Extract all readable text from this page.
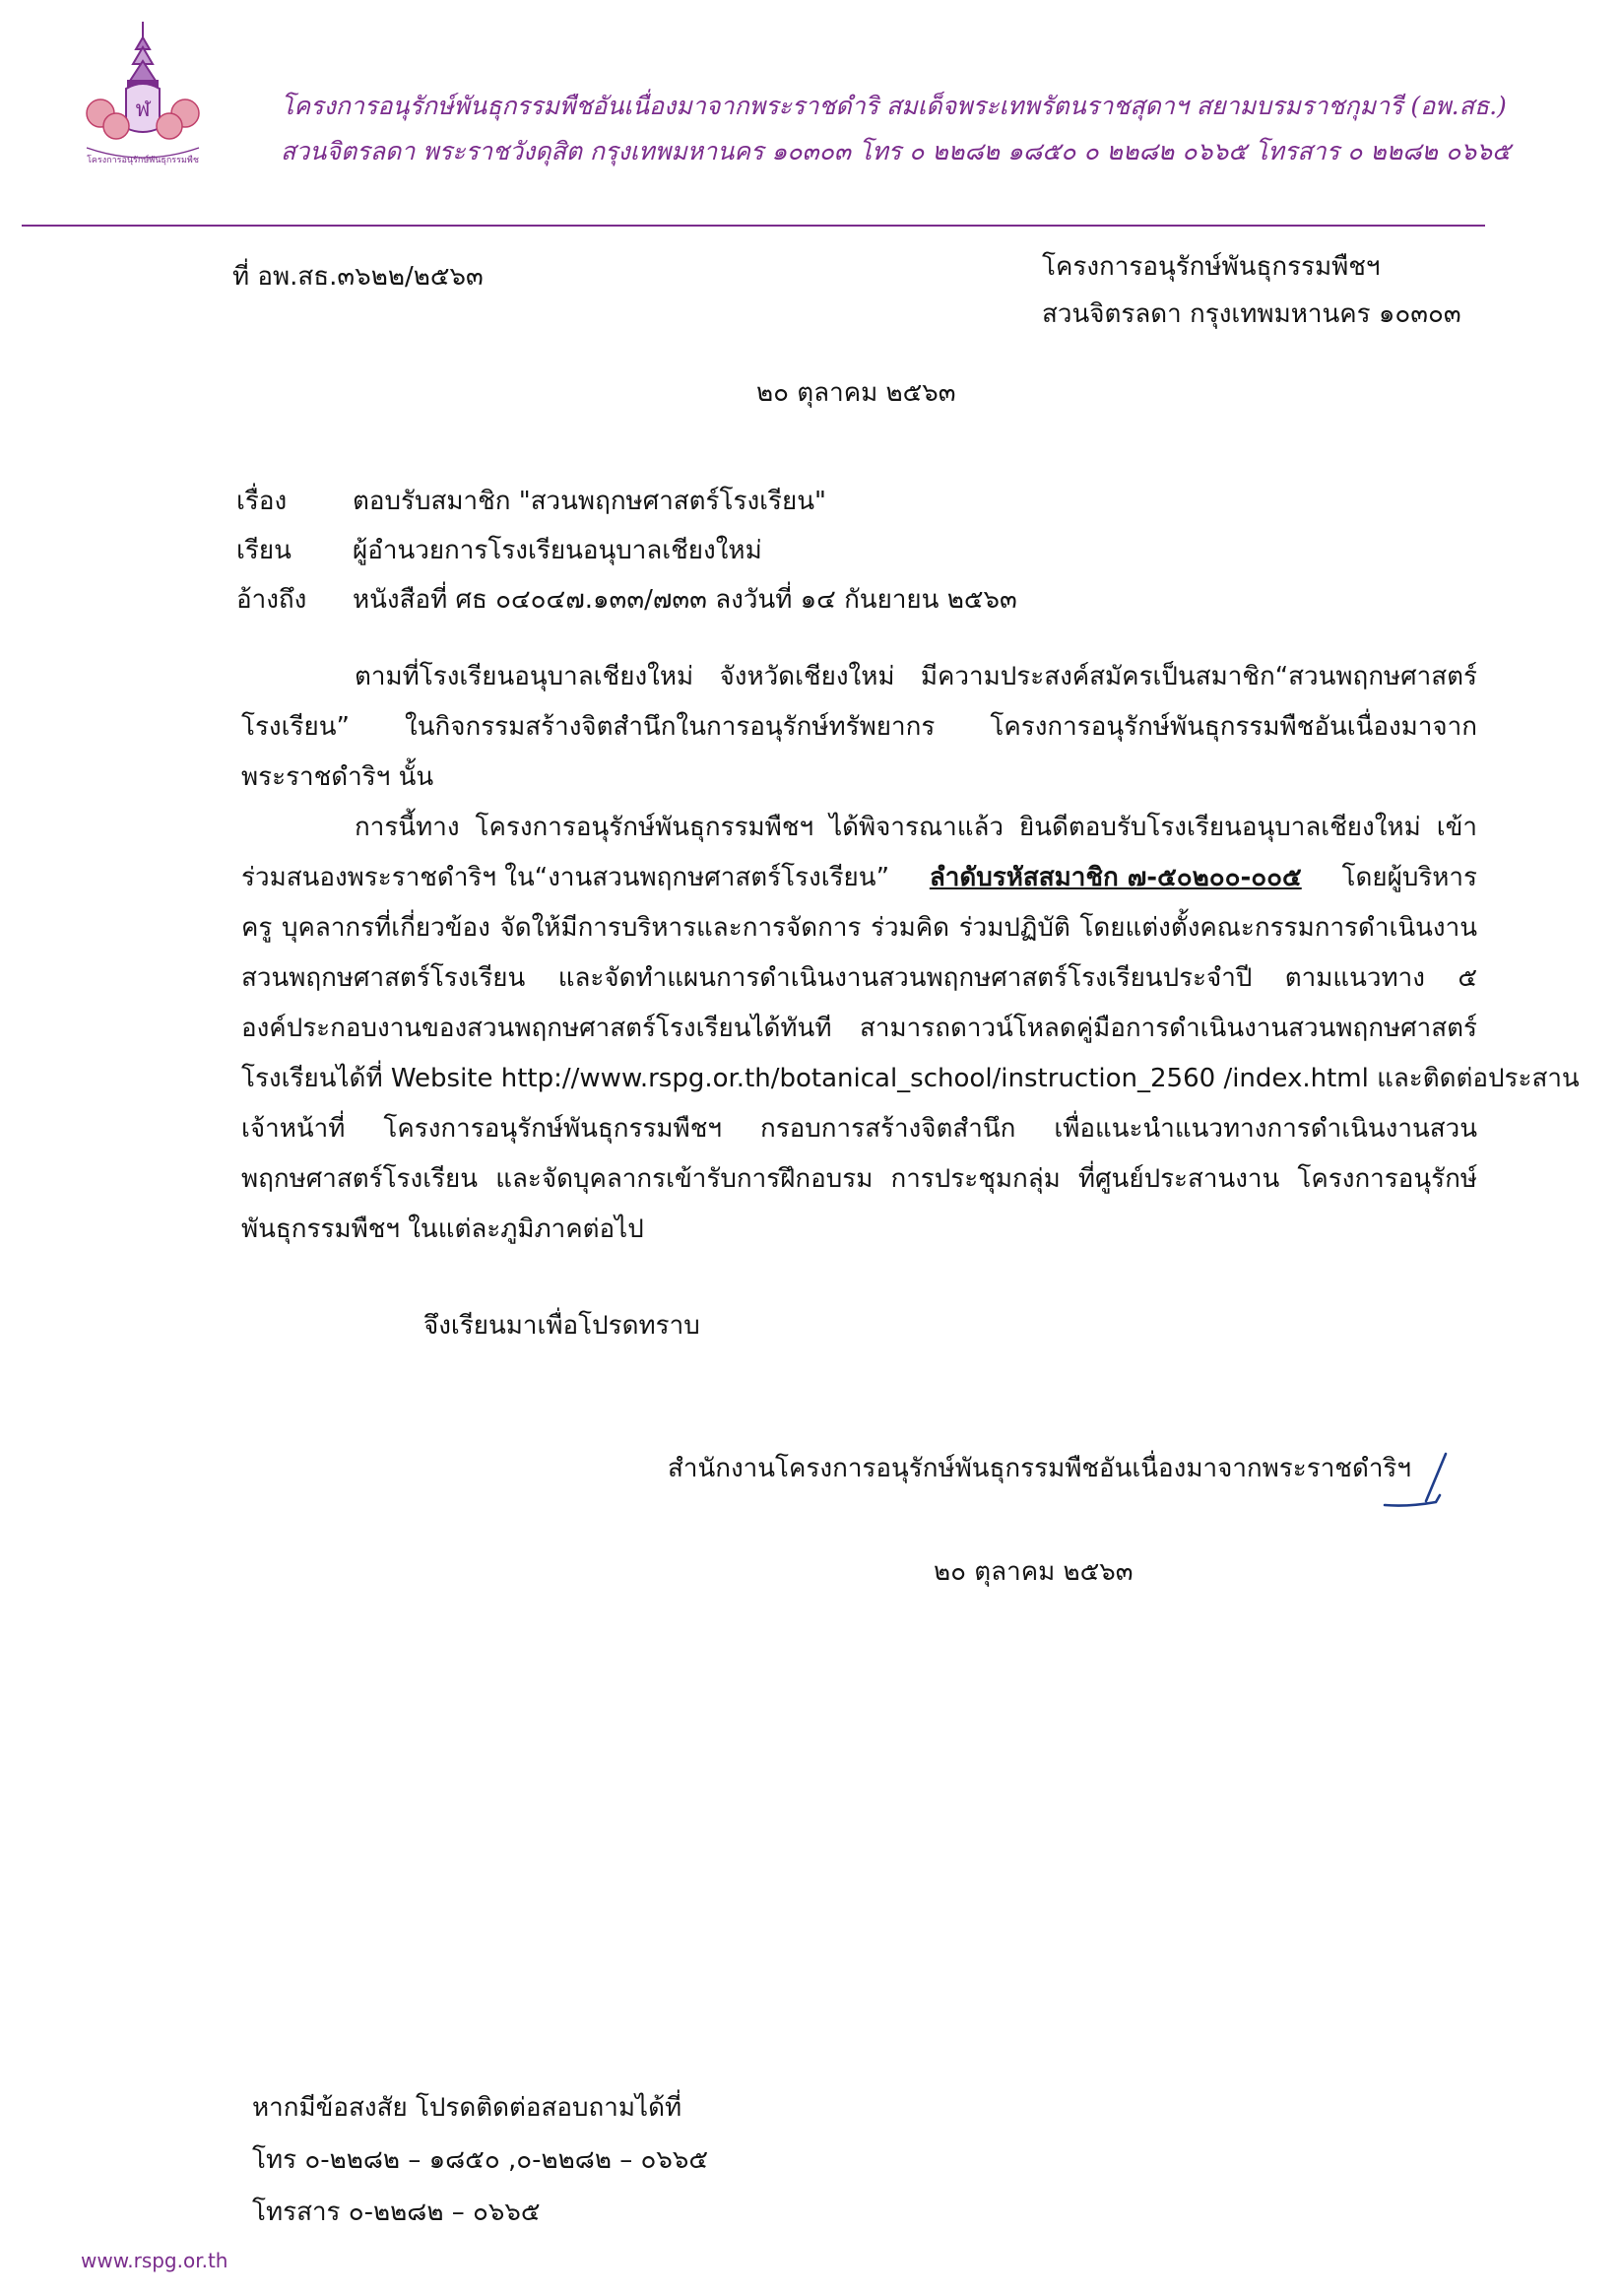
ฬ
โครงการอนุรักษ์พันธุกรรมพืช
โครงการอนุรักษ์พันธุกรรมพืชอันเนื่องมาจากพระราชดำริ สมเด็จพระเทพรัตนราชสุดาฯ สยามบรมราชกุมารี (อพ.สธ.)
สวนจิตรลดา พระราชวังดุสิต กรุงเทพมหานคร ๑๐๓๐๓ โทร ๐ ๒๒๘๒ ๑๘๕๐ ๐ ๒๒๘๒ ๐๖๖๕ โทรสาร ๐ ๒๒๘๒ ๐๖๖๕
ที่ อพ.สธ.๓๖๒๒/๒๕๖๓	โครงการอนุรักษ์พันธุกรรมพืชฯ
สวนจิตรลดา กรุงเทพมหานคร ๑๐๓๐๓
๒๐ ตุลาคม ๒๕๖๓
เรื่อง	ตอบรับสมาชิก "สวนพฤกษศาสตร์โรงเรียน"
เรียน ผู้อำนวยการโรงเรียนอนุบาลเชียงใหม่
อ้างถึง หนังสือที่ ศธ ๐๔๐๔๗.๑๓๓/๗๓๓ ลงวันที่ ๑๔ กันยายน ๒๕๖๓
ตามที่โรงเรียนอนุบาลเชียงใหม่ จังหวัดเชียงใหม่ มีความประสงค์สมัครเป็นสมาชิก“สวนพฤกษศาสตร์
โรงเรียน” ในกิจกรรมสร้างจิตสำนึกในการอนุรักษ์ทรัพยากร โครงการอนุรักษ์พันธุกรรมพืชอันเนื่องมาจาก
พระราชดำริฯ นั้น
การนี้ทาง โครงการอนุรักษ์พันธุกรรมพืชฯ ได้พิจารณาแล้ว ยินดีตอบรับโรงเรียนอนุบาลเชียงใหม่ เข้า
ร่วมสนองพระราชดำริฯ ใน“งานสวนพฤกษศาสตร์โรงเรียน” ลำดับรหัสสมาชิก ๗-๕๐๒๐๐-๐๐๕ โดยผู้บริหาร
ครู บุคลากรที่เกี่ยวข้อง จัดให้มีการบริหารและการจัดการ ร่วมคิด ร่วมปฏิบัติ โดยแต่งตั้งคณะกรรมการดำเนินงาน
สวนพฤกษศาสตร์โรงเรียน และจัดทำแผนการดำเนินงานสวนพฤกษศาสตร์โรงเรียนประจำปี ตามแนวทาง ๕
องค์ประกอบงานของสวนพฤกษศาสตร์โรงเรียนได้ทันที สามารถดาวน์โหลดคู่มือการดำเนินงานสวนพฤกษศาสตร์
โรงเรียนได้ที่ Website http://www.rspg.or.th/botanical_school/instruction_2560 /index.html และติดต่อประสาน
เจ้าหน้าที่ โครงการอนุรักษ์พันธุกรรมพืชฯ กรอบการสร้างจิตสำนึก เพื่อแนะนำแนวทางการดำเนินงานสวน
พฤกษศาสตร์โรงเรียน และจัดบุคลากรเข้ารับการฝึกอบรม การประชุมกลุ่ม ที่ศูนย์ประสานงาน โครงการอนุรักษ์
พันธุกรรมพืชฯ ในแต่ละภูมิภาคต่อไป
จึงเรียนมาเพื่อโปรดทราบ
สำนักงานโครงการอนุรักษ์พันธุกรรมพืชอันเนื่องมาจากพระราชดำริฯ
๒๐ ตุลาคม ๒๕๖๓
หากมีข้อสงสัย โปรดติดต่อสอบถามได้ที่
โทร ๐-๒๒๘๒ – ๑๘๕๐ ,๐-๒๒๘๒ – ๐๖๖๕
โทรสาร ๐-๒๒๘๒ – ๐๖๖๕
www.rspg.or.th
